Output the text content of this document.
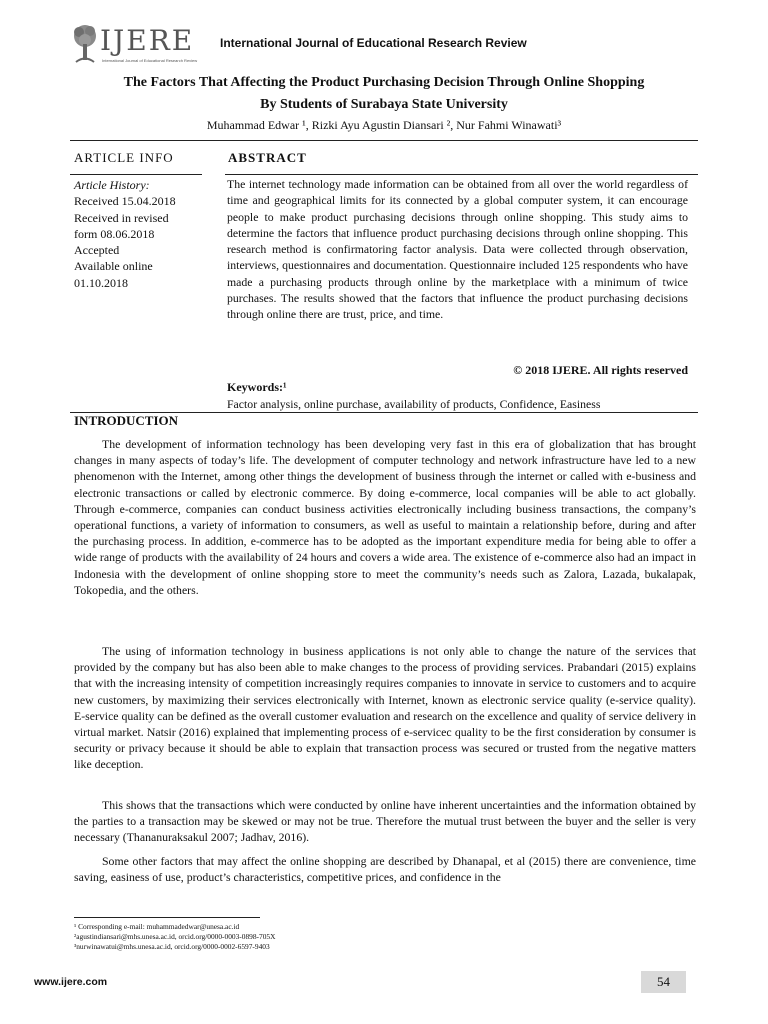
IJERE
International Journal of Educational Research Review
International Journal of Educational Research Review
The Factors That Affecting the Product Purchasing Decision Through Online Shopping
By Students of Surabaya State University
Muhammad Edwar ¹, Rizki Ayu Agustin Diansari ², Nur Fahmi Winawati³
ARTICLE INFO
Article History:
Received 15.04.2018
Received in revised
form 08.06.2018
Accepted
Available online
01.10.2018
ABSTRACT
The internet technology made information can be obtained from all over the world regardless of time and geographical limits for its connected by a global computer system, it can encourage people to make product purchasing decisions through online shopping. This study aims to determine the factors that influence product purchasing decisions through online shopping. This research method is confirmatoring factor analysis. Data were collected through observation, interviews, questionnaires and documentation. Questionnaire included 125 respondents who have made a purchasing products through online by the marketplace with a minimum of twice purchases. The results showed that the factors that influence the product purchasing decisions through online there are trust, price, and time.
© 2018 IJERE. All rights reserved
Keywords:¹
Factor analysis, online purchase, availability of products, Confidence, Easiness
INTRODUCTION

The development of information technology has been developing very fast in this era of globalization that has brought changes in many aspects of today’s life. The development of computer technology and network infrastructure have led to a new phenomenon with the Internet, among other things the development of business through the internet or called with e-business and electronic transactions or called by electronic commerce. By doing e-commerce, local companies will be able to act globally. Through e-commerce, companies can conduct business activities electronically including business transactions, the company’s operational functions, a variety of information to consumers, as well as useful to maintain a relationship before, during and after the purchasing process. In addition, e-commerce has to be adopted as the important expenditure media for being able to offer a wide range of products with the availability of 24 hours and covers a wide area. The existence of e-commerce also had an impact in Indonesia with the development of online shopping store to meet the community’s needs such as Zalora, Lazada, bukalapak, Tokopedia, and the others.

The using of information technology in business applications is not only able to change the nature of the services that provided by the company but has also been able to make changes to the process of providing services. Prabandari (2015) explains that with the increasing intensity of competition increasingly requires companies to innovate in service to customers and to acquire new customers, by maximizing their services electronically with Internet, known as electronic service quality (e-service quality). E-service quality can be defined as the overall customer evaluation and research on the excellence and quality of service delivery in virtual market. Natsir (2016) explained that implementing process of e-servicec quality to be the first consideration by consumer is security or privacy because it should be able to explain that transaction process was secured or trusted from the negative matters like deception.

This shows that the transactions which were conducted by online have inherent uncertainties and the information obtained by the parties to a transaction may be skewed or may not be true. Therefore the mutual trust between the buyer and the seller is very necessary (Thananuraksakul 2007; Jadhav, 2016).

Some other factors that may affect the online shopping are described by Dhanapal, et al (2015) there are convenience, time saving, easiness of use, product’s characteristics, competitive prices, and confidence in the

¹ Corresponding e-mail: muhammadedwar@unesa.ac.id
²agustindiansari@mhs.unesa.ac.id, orcid.org/0000-0003-0898-705X
³nurwinawatui@mhs.unesa.ac.id, orcid.org/0000-0002-6597-9403
www.ijere.com	54
